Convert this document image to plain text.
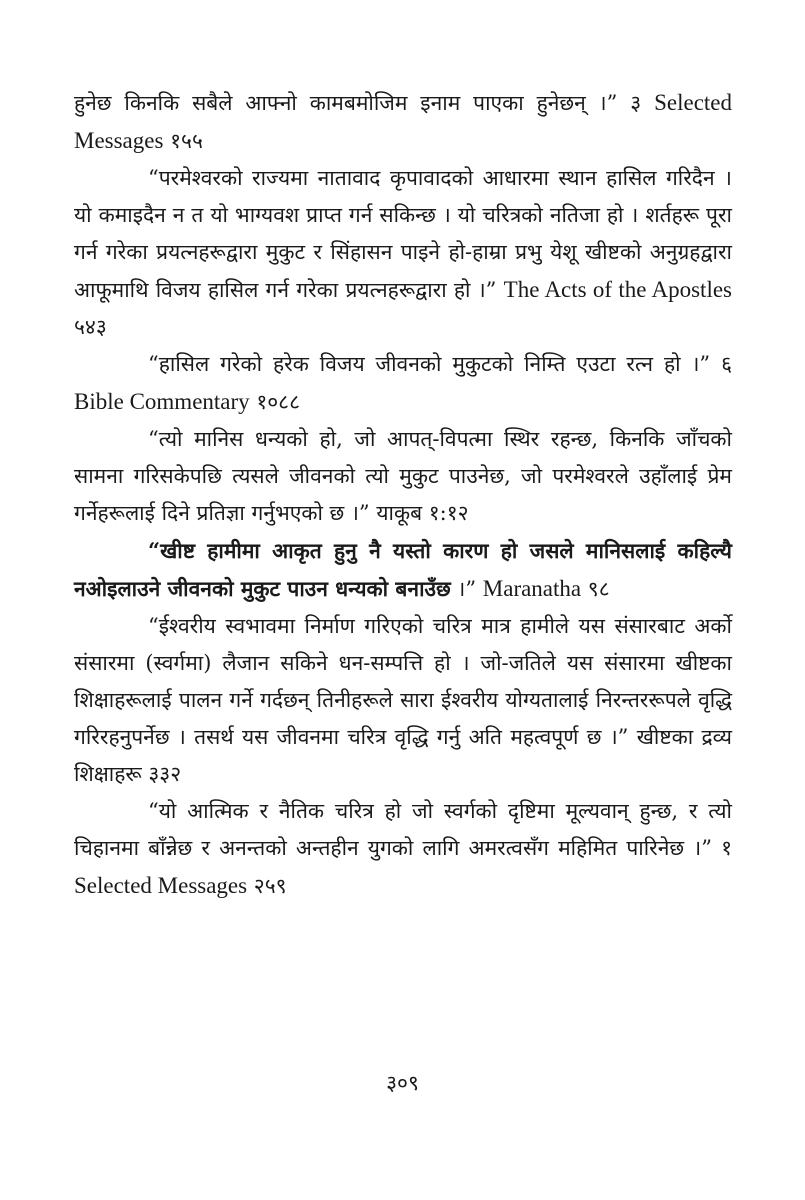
हुनेछ किनकि सबैले आफ्नो कामबमोजिम इनाम पाएका हुनेछन् ।” ३ Selected Messages १५५

“परमेश्वरको राज्यमा नातावाद कृपावादको आधारमा स्थान हासिल गरिदैन । यो कमाइदैन न त यो भाग्यवश प्राप्त गर्न सकिन्छ । यो चरित्रको नतिजा हो । शर्तहरू पूरा गर्न गरेका प्रयत्नहरूद्वारा मुकुट र सिंहासन पाइने हो-हाम्रा प्रभु येशू खीष्टको अनुग्रहद्वारा आफूमाथि विजय हासिल गर्न गरेका प्रयत्नहरूद्वारा हो ।” The Acts of the Apostles ५४३

“हासिल गरेको हरेक विजय जीवनको मुकुटको निम्ति एउटा रत्न हो ।” ६ Bible Commentary १०८८

“त्यो मानिस धन्यको हो, जो आपत्-विपत्मा स्थिर रहन्छ, किनकि जाँचको सामना गरिसकेपछि त्यसले जीवनको त्यो मुकुट पाउनेछ, जो परमेश्वरले उहाँलाई प्रेम गर्नेहरूलाई दिने प्रतिज्ञा गर्नुभएको छ ।” याकूब १:१२

“खीष्ट हामीमा आकृत हुनु नै यस्तो कारण हो जसले मानिसलाई कहिल्यै नओइलाउने जीवनको मुकुट पाउन धन्यको बनाउँछ ।” Maranatha ९८

“ईश्वरीय स्वभावमा निर्माण गरिएको चरित्र मात्र हामीले यस संसारबाट अर्को संसारमा (स्वर्गमा) लैजान सकिने धन-सम्पत्ति हो । जो-जतिले यस संसारमा खीष्टका शिक्षाहरूलाई पालन गर्ने गर्दछन् तिनीहरूले सारा ईश्वरीय योग्यतालाई निरन्तररूपले वृद्धि गरिरहनुपर्नेछ । तसर्थ यस जीवनमा चरित्र वृद्धि गर्नु अति महत्वपूर्ण छ ।” खीष्टका द्रव्य शिक्षाहरू ३३२

“यो आत्मिक र नैतिक चरित्र हो जो स्वर्गको दृष्टिमा मूल्यवान् हुन्छ, र त्यो चिहानमा बाँन्नेछ र अनन्तको अन्तहीन युगको लागि अमरत्वसँग महिमित पारिनेछ ।” १ Selected Messages २५९

३०९
